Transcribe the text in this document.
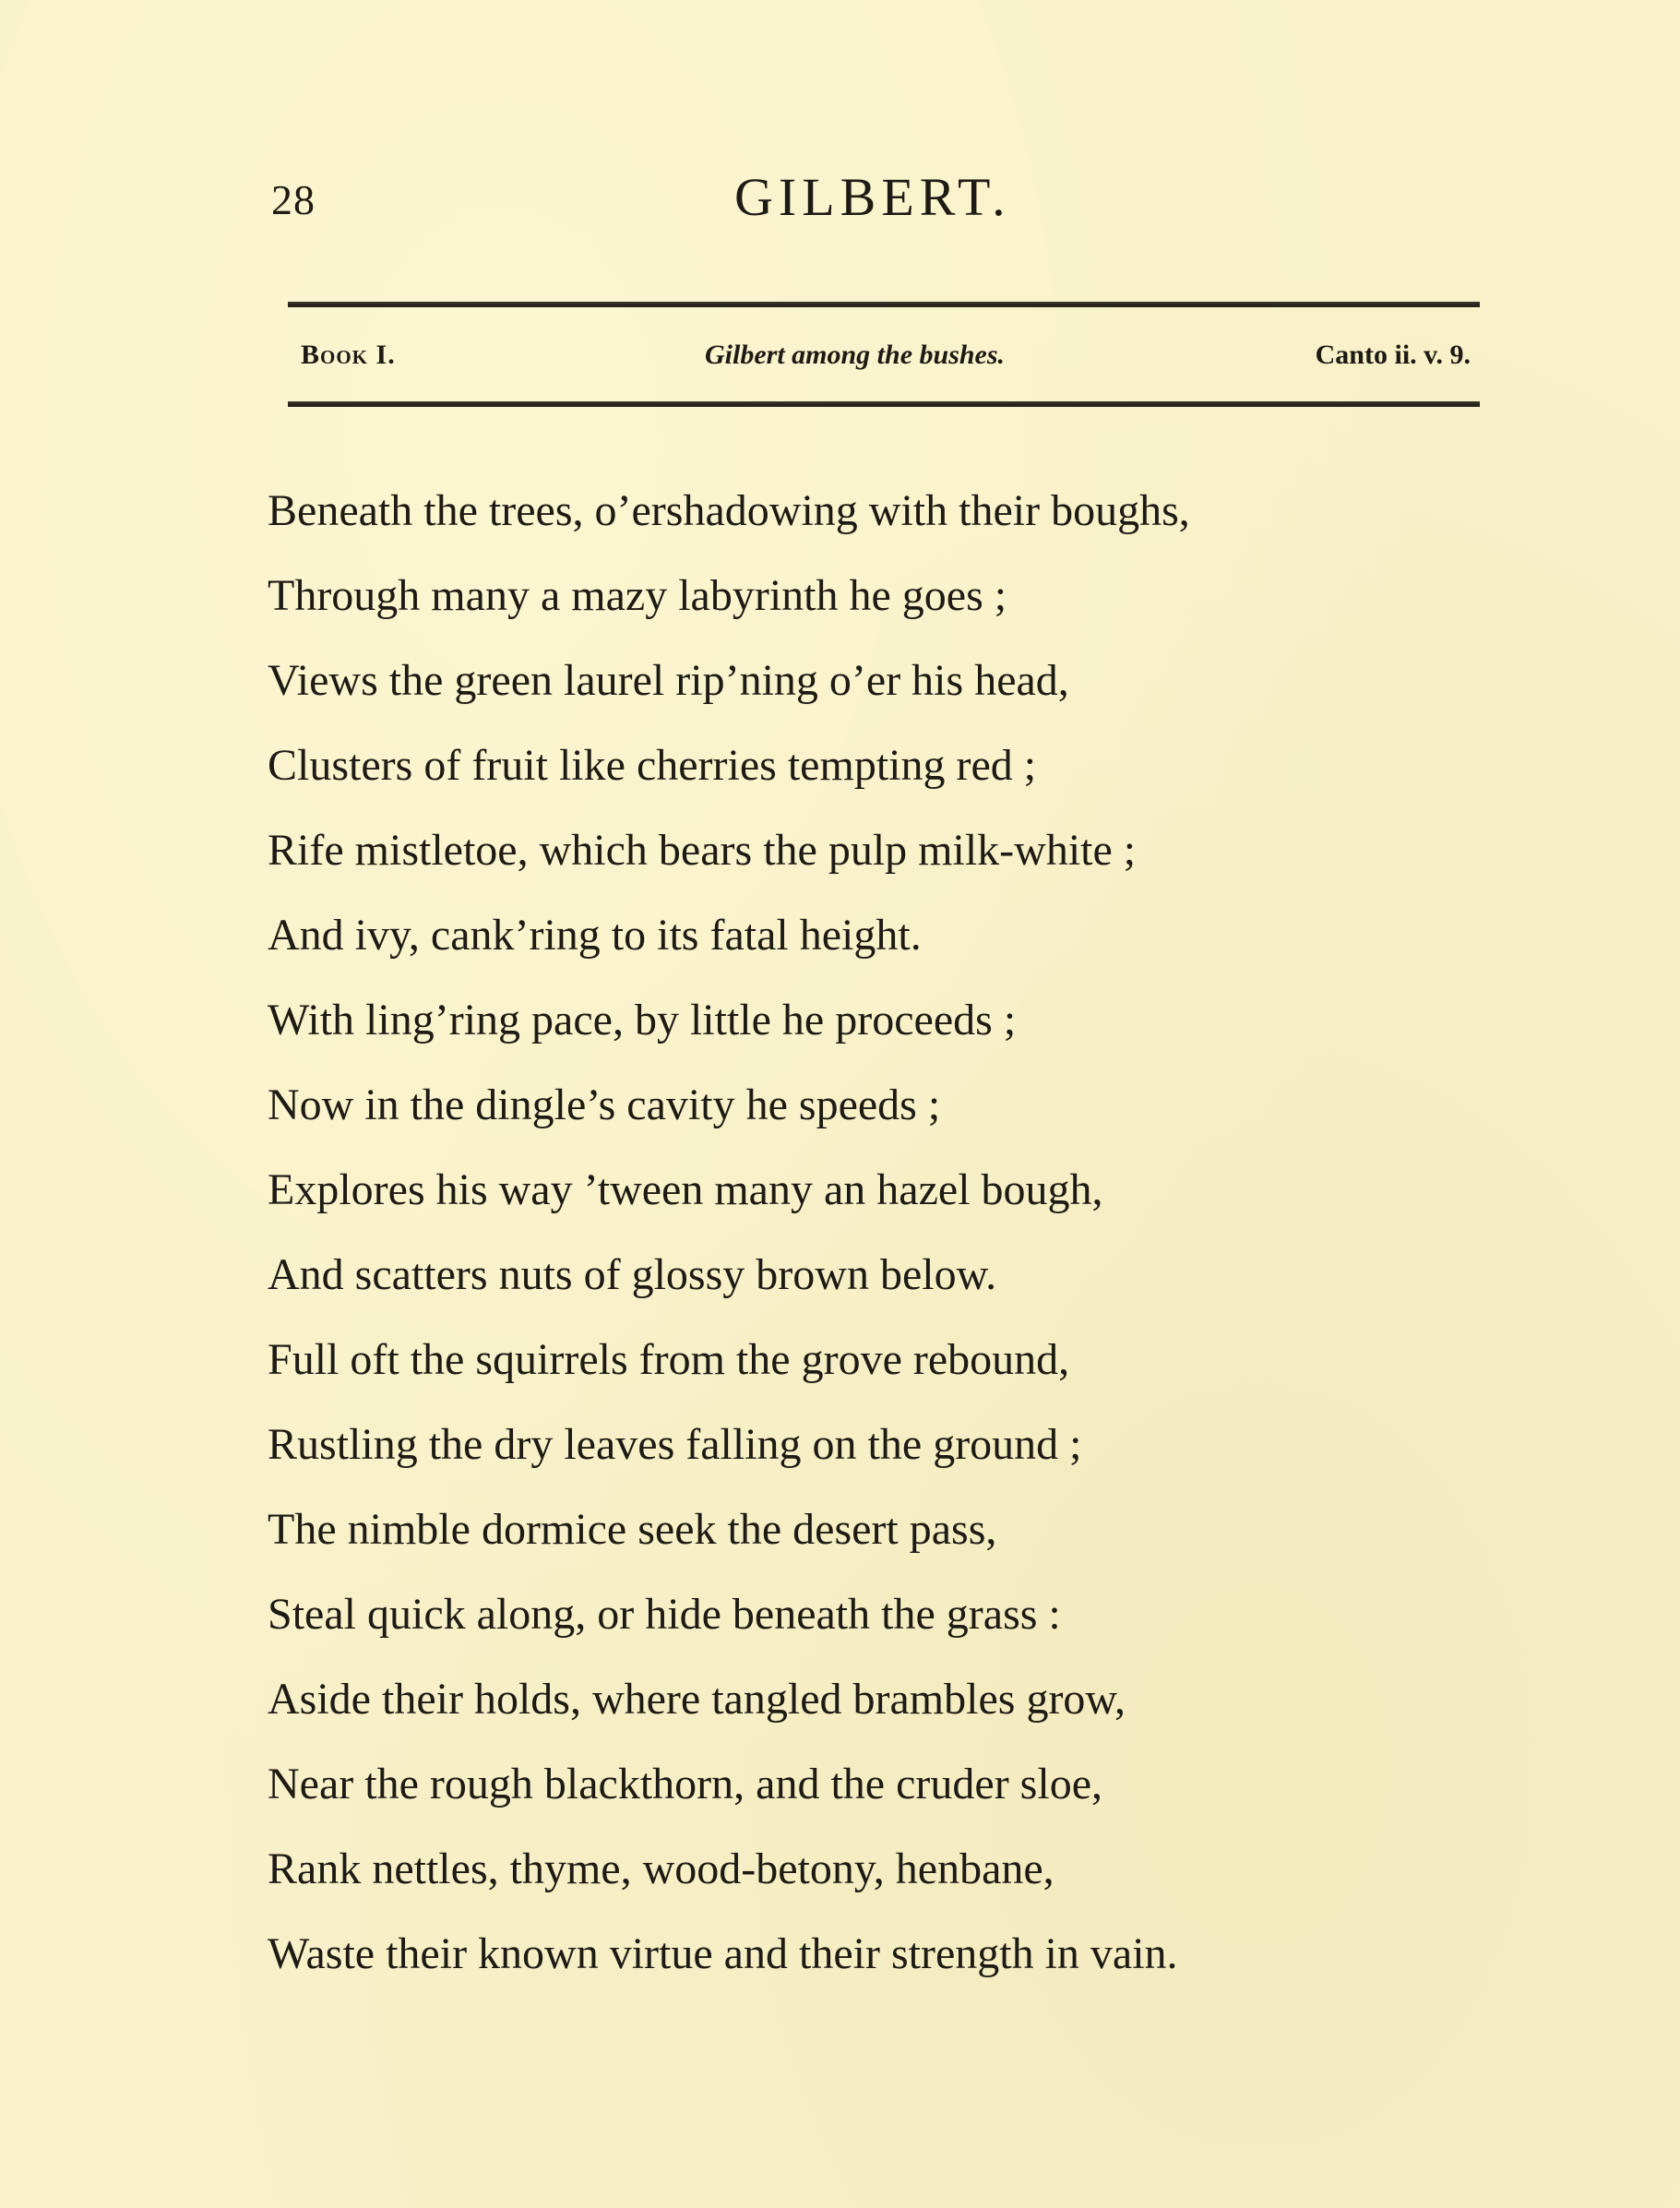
28	GILBERT.
Book I.	Gilbert among the bushes.	Canto ii. v. 9.
Beneath the trees, o’ershadowing with their boughs,
Through many a mazy labyrinth he goes ;
Views the green laurel rip’ning o’er his head,
Clusters of fruit like cherries tempting red ;
Rife mistletoe, which bears the pulp milk-white ;
And ivy, cank’ring to its fatal height.
With ling’ring pace, by little he proceeds ;
Now in the dingle’s cavity he speeds ;
Explores his way ’tween many an hazel bough,
And scatters nuts of glossy brown below.
Full oft the squirrels from the grove rebound,
Rustling the dry leaves falling on the ground ;
The nimble dormice seek the desert pass,
Steal quick along, or hide beneath the grass :
Aside their holds, where tangled brambles grow,
Near the rough blackthorn, and the cruder sloe,
Rank nettles, thyme, wood-betony, henbane,
Waste their known virtue and their strength in vain.
